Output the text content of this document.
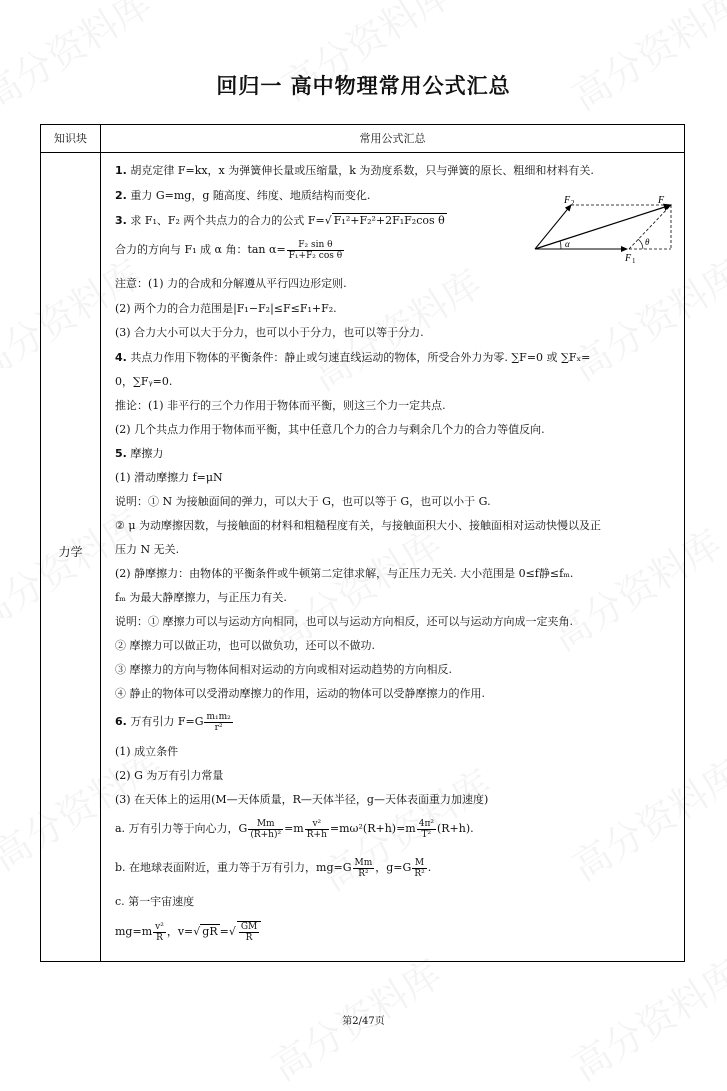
回归一 高中物理常用公式汇总
知识块	常用公式汇总
力学
1. 胡克定律 F=kx，x 为弹簧伸长量或压缩量，k 为劲度系数，只与弹簧的原长、粗细和材料有关.
2. 重力 G=mg，g 随高度、纬度、地质结构而变化.
3. 求 F₁、F₂ 两个共点力的合力的公式 F=√ F₁²+F₂²+2F₁F₂cos θ
合力的方向与 F₁ 成 α 角：$\tan \alpha= \frac{\text{F₂ sin θ}}{\text{F₁+F₂ cos θ}}$
注意：(1) 力的合成和分解遵从平行四边形定则.
(2) 两个力的合力范围是|F₁−F₂|≤F≤F₁+F₂.
(3) 合力大小可以大于分力，也可以小于分力，也可以等于分力.
4. 共点力作用下物体的平衡条件：静止或匀速直线运动的物体，所受合外力为零. ∑F=0 或 ∑Fₓ=
0，∑Fᵧ=0.
推论：(1) 非平行的三个力作用于物体而平衡，则这三个力一定共点.
(2) 几个共点力作用于物体而平衡，其中任意几个力的合力与剩余几个力的合力等值反向.
5. 摩擦力
(1) 滑动摩擦力 f=μN
说明：① N 为接触面间的弹力，可以大于 G，也可以等于 G，也可以小于 G.
② μ 为动摩擦因数，与接触面的材料和粗糙程度有关，与接触面积大小、接触面相对运动快慢以及正
压力 N 无关.
(2) 静摩擦力：由物体的平衡条件或牛顿第二定律求解，与正压力无关. 大小范围是 0≤f静≤fₘ.
fₘ 为最大静摩擦力，与正压力有关.
说明：① 摩擦力可以与运动方向相同，也可以与运动方向相反，还可以与运动方向成一定夹角.
② 摩擦力可以做正功，也可以做负功，还可以不做功.
③ 摩擦力的方向与物体间相对运动的方向或相对运动趋势的方向相反.
④ 静止的物体可以受滑动摩擦力的作用，运动的物体可以受静摩擦力的作用.
6. 万有引力 $F=G \frac{\text{m₁m₂}}{\text{r²}}$
(1) 成立条件
(2) G 为万有引力常量
(3) 在天体上的运用(M—天体质量，R—天体半径，g—天体表面重力加速度)
a. 万有引力等于向心力，G $\frac{Mm}{\text{(R+h)²}} =m \frac{\text{v²}}{R+h} =m\omega^2(R+h)=m \frac{\text{4π²}}{\text{T²}} (R+h)$.
b. 在地球表面附近，重力等于万有引力，$mg=G \frac{Mm}{\text{R²}}$ ，$g=G \frac{M}{\text{R²}}$ .
c. 第一宇宙速度
$mg=m \frac{\text{v²}}{R}$ ，v=√ gR =√ $\frac{GM}{R}$
F 2	F
F 1
α	θ
第2/47页
